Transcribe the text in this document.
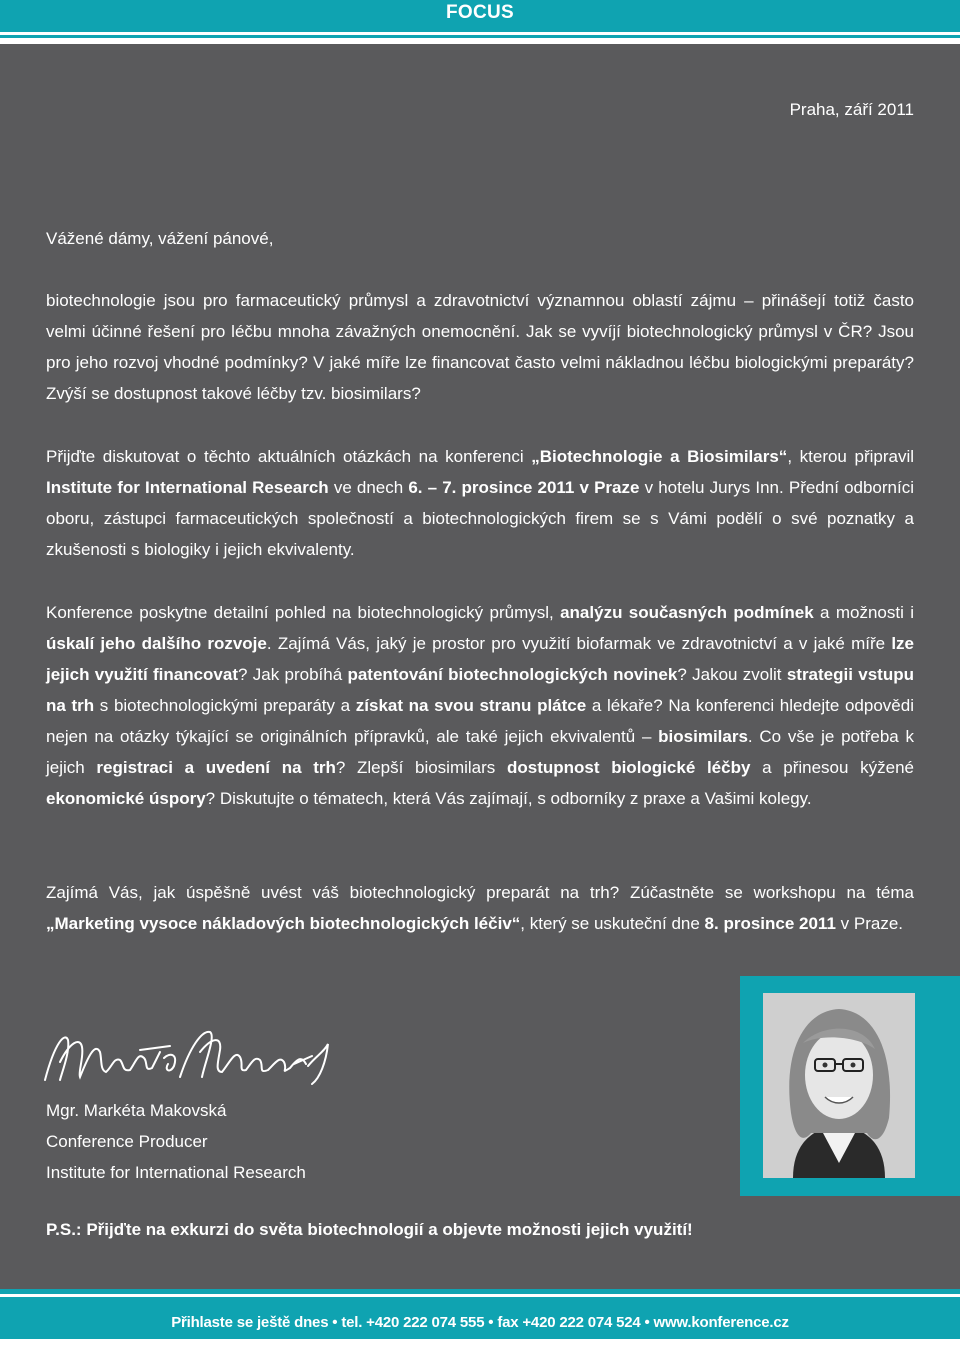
FOCUS
Praha, září 2011
Vážené dámy, vážení pánové,
biotechnologie jsou pro farmaceutický průmysl a zdravotnictví významnou oblastí zájmu – přinášejí totiž často velmi účinné řešení pro léčbu mnoha závažných onemocnění. Jak se vyvíjí biotechnologický průmysl v ČR? Jsou pro jeho rozvoj vhodné podmínky? V jaké míře lze financovat často velmi nákladnou léčbu biologickými preparáty? Zvýší se dostupnost takové léčby tzv. biosimilars?
Přijďte diskutovat o těchto aktuálních otázkách na konferenci „Biotechnologie a Biosimilars“, kterou připravil Institute for International Research ve dnech 6. – 7. prosince 2011 v Praze v hotelu Jurys Inn. Přední odborníci oboru, zástupci farmaceutických společností a biotechnologických firem se s Vámi podělí o své poznatky a zkušenosti s biologiky i jejich ekvivalenty.
Konference poskytne detailní pohled na biotechnologický průmysl, analýzu současných podmínek a možnosti i úskalí jeho dalšího rozvoje. Zajímá Vás, jaký je prostor pro využití biofarmak ve zdravotnictví a v jaké míře lze jejich využití financovat? Jak probíhá patentování biotechnologických novinek? Jakou zvolit strategii vstupu na trh s biotechnologickými preparáty a získat na svou stranu plátce a lékaře? Na konferenci hledejte odpovědi nejen na otázky týkající se originálních přípravků, ale také jejich ekvivalentů – biosimilars. Co vše je potřeba k jejich registraci a uvedení na trh? Zlepší biosimilars dostupnost biologické léčby a přinesou kýžené ekonomické úspory? Diskutujte o tématech, která Vás zajímají, s odborníky z praxe a Vašimi kolegy.
Zajímá Vás, jak úspěšně uvést váš biotechnologický preparát na trh? Zúčastněte se workshopu na téma „Marketing vysoce nákladových biotechnologických léčiv“, který se uskuteční dne 8. prosince 2011 v Praze.
Mgr. Markéta Makovská
Conference Producer
Institute for International Research
P.S.: Přijďte na exkurzi do světa biotechnologií a objevte možnosti jejich využití!
Přihlaste se ještě dnes • tel. +420 222 074 555 • fax +420 222 074 524 • www.konference.cz
